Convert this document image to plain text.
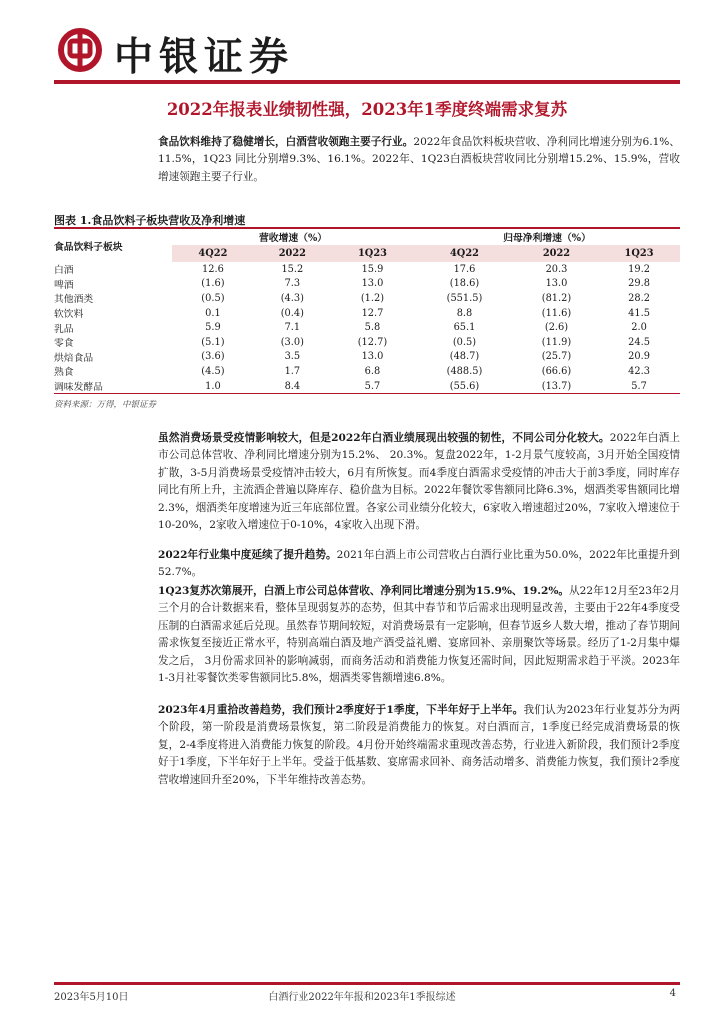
中银证券
2022年报表业绩韧性强，2023年1季度终端需求复苏
食品饮料维持了稳健增长，白酒营收领跑主要子行业。2022年食品饮料板块营收、净利同比增速分别为6.1%、11.5%，1Q23 同比分别增9.3%、16.1%。2022年、1Q23白酒板块营收同比分别增15.2%、15.9%，营收增速领跑主要子行业。
图表 1.食品饮料子板块营收及净利增速

食品饮料子板块	营收增速（%）			归母净利增速（%）		
	4Q22	2022	1Q23	4Q22	2022	1Q23
白酒	12.6	15.2	15.9	17.6	20.3	19.2
啤酒	(1.6)	7.3	13.0	(18.6)	13.0	29.8
其他酒类	(0.5)	(4.3)	(1.2)	(551.5)	(81.2)	28.2
软饮料	0.1	(0.4)	12.7	8.8	(11.6)	41.5
乳品	5.9	7.1	5.8	65.1	(2.6)	2.0
零食	(5.1)	(3.0)	(12.7)	(0.5)	(11.9)	24.5
烘焙食品	(3.6)	3.5	13.0	(48.7)	(25.7)	20.9
熟食	(4.5)	1.7	6.8	(488.5)	(66.6)	42.3
调味发酵品	1.0	8.4	5.7	(55.6)	(13.7)	5.7

资料来源：万得，中银证券
虽然消费场景受疫情影响较大，但是2022年白酒业绩展现出较强的韧性，不同公司分化较大。2022年白酒上市公司总体营收、净利同比增速分别为15.2%、 20.3%。复盘2022年，1-2月景气度较高，3月开始全国疫情扩散，3-5月消费场景受疫情冲击较大，6月有所恢复。而4季度白酒需求受疫情的冲击大于前3季度，同时库存同比有所上升，主流酒企普遍以降库存、稳价盘为目标。2022年餐饮零售额同比降6.3%，烟酒类零售额同比增2.3%，烟酒类年度增速为近三年底部位置。各家公司业绩分化较大，6家收入增速超过20%，7家收入增速位于10-20%，2家收入增速位于0-10%，4家收入出现下滑。
2022年行业集中度延续了提升趋势。2021年白酒上市公司营收占白酒行业比重为50.0%，2022年比重提升到52.7%。
1Q23复苏次第展开，白酒上市公司总体营收、净利同比增速分别为15.9%、19.2%。从22年12月至23年2月三个月的合计数据来看，整体呈现弱复苏的态势，但其中春节和节后需求出现明显改善，主要由于22年4季度受压制的白酒需求延后兑现。虽然春节期间较短，对消费场景有一定影响，但春节返乡人数大增，推动了春节期间需求恢复至接近正常水平，特别高端白酒及地产酒受益礼赠、宴席回补、亲朋聚饮等场景。经历了1-2月集中爆发之后， 3月份需求回补的影响减弱，而商务活动和消费能力恢复还需时间，因此短期需求趋于平淡。2023年1-3月社零餐饮类零售额同比5.8%，烟酒类零售额增速6.8%。
2023年4月重拾改善趋势，我们预计2季度好于1季度，下半年好于上半年。我们认为2023年行业复苏分为两个阶段，第一阶段是消费场景恢复，第二阶段是消费能力的恢复。对白酒而言，1季度已经完成消费场景的恢复，2-4季度将进入消费能力恢复的阶段。4月份开始终端需求重现改善态势，行业进入新阶段，我们预计2季度好于1季度，下半年好于上半年。受益于低基数、宴席需求回补、商务活动增多、消费能力恢复，我们预计2季度营收增速回升至20%，下半年维持改善态势。
2023年5月10日	白酒行业2022年年报和2023年1季报综述	4
